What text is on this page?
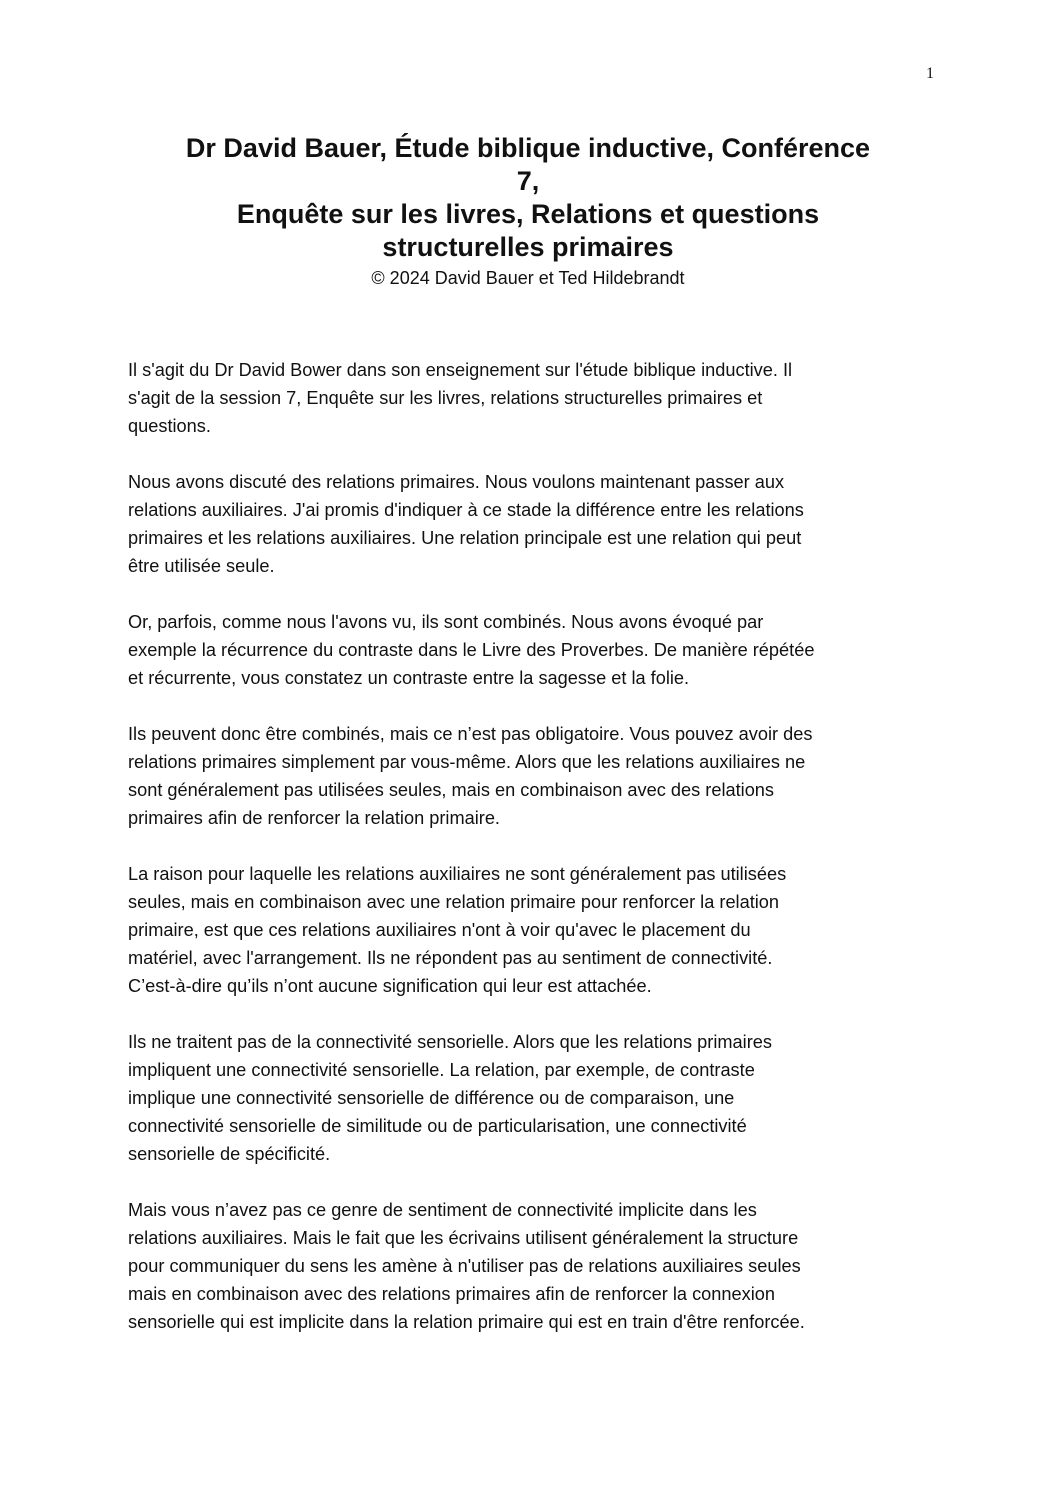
1
Dr David Bauer, Étude biblique inductive, Conférence
7,
Enquête sur les livres, Relations et questions
structurelles primaires

© 2024 David Bauer et Ted Hildebrandt

Il s'agit du Dr David Bower dans son enseignement sur l'étude biblique inductive. Il
s'agit de la session 7, Enquête sur les livres, relations structurelles primaires et
questions.

Nous avons discuté des relations primaires. Nous voulons maintenant passer aux
relations auxiliaires. J'ai promis d'indiquer à ce stade la différence entre les relations
primaires et les relations auxiliaires. Une relation principale est une relation qui peut
être utilisée seule.

Or, parfois, comme nous l'avons vu, ils sont combinés. Nous avons évoqué par
exemple la récurrence du contraste dans le Livre des Proverbes. De manière répétée
et récurrente, vous constatez un contraste entre la sagesse et la folie.

Ils peuvent donc être combinés, mais ce n’est pas obligatoire. Vous pouvez avoir des
relations primaires simplement par vous-même. Alors que les relations auxiliaires ne
sont généralement pas utilisées seules, mais en combinaison avec des relations
primaires afin de renforcer la relation primaire.

La raison pour laquelle les relations auxiliaires ne sont généralement pas utilisées
seules, mais en combinaison avec une relation primaire pour renforcer la relation
primaire, est que ces relations auxiliaires n'ont à voir qu'avec le placement du
matériel, avec l'arrangement. Ils ne répondent pas au sentiment de connectivité.
C’est-à-dire qu’ils n’ont aucune signification qui leur est attachée.

Ils ne traitent pas de la connectivité sensorielle. Alors que les relations primaires
impliquent une connectivité sensorielle. La relation, par exemple, de contraste
implique une connectivité sensorielle de différence ou de comparaison, une
connectivité sensorielle de similitude ou de particularisation, une connectivité
sensorielle de spécificité.

Mais vous n’avez pas ce genre de sentiment de connectivité implicite dans les
relations auxiliaires. Mais le fait que les écrivains utilisent généralement la structure
pour communiquer du sens les amène à n'utiliser pas de relations auxiliaires seules
mais en combinaison avec des relations primaires afin de renforcer la connexion
sensorielle qui est implicite dans la relation primaire qui est en train d'être renforcée.
